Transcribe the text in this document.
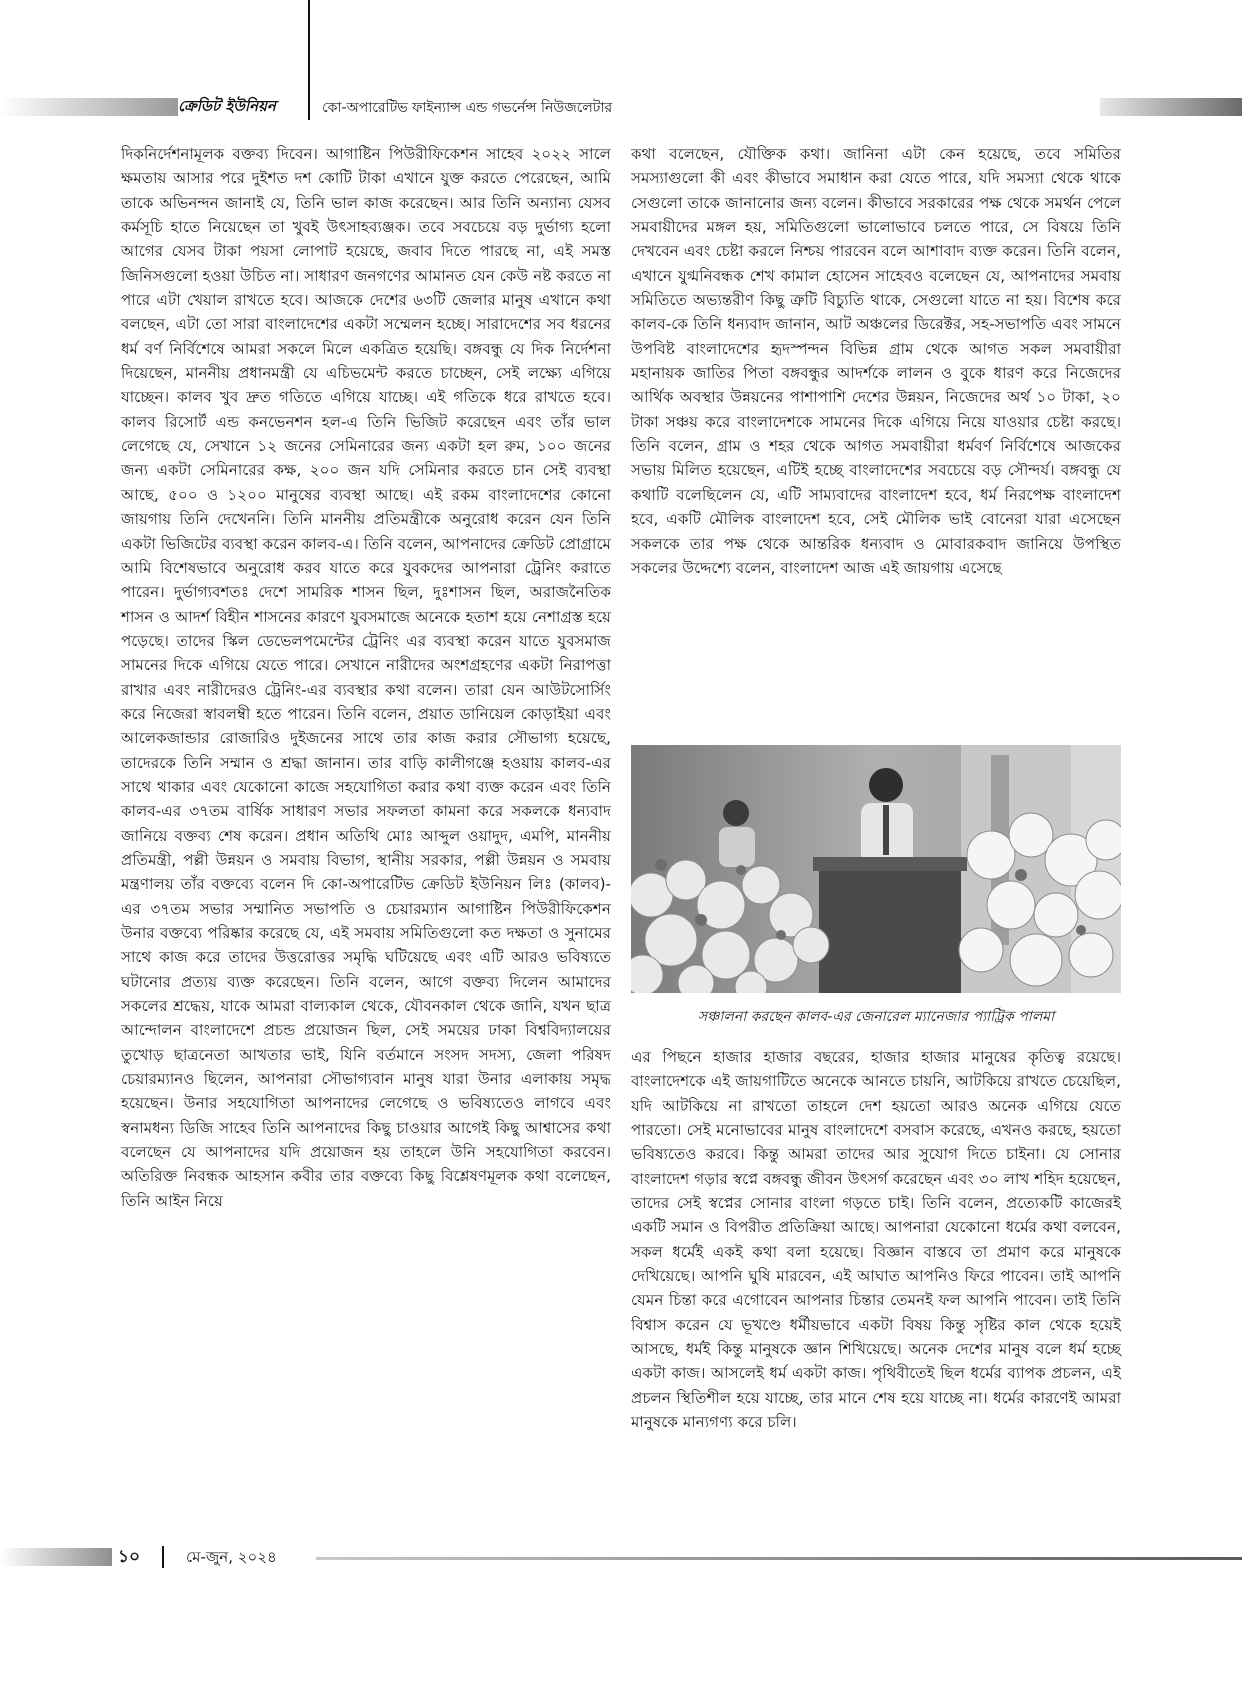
ক্রেডিট ইউনিয়ন	কো-অপারেটিভ ফাইন্যান্স এন্ড গভর্নেন্স নিউজলেটার

দিকনির্দেশনামূলক বক্তব্য দিবেন। আগাষ্টিন পিউরীফিকেশন সাহেব ২০২২ সালে ক্ষমতায় আসার পরে দুইশত দশ কোটি টাকা এখানে যুক্ত করতে পেরেছেন, আমি তাকে অভিনন্দন জানাই যে, তিনি ভাল কাজ করেছেন। আর তিনি অন্যান্য যেসব কর্মসূচি হাতে নিয়েছেন তা খুবই উৎসাহব্যঞ্জক। তবে সবচেয়ে বড় দুর্ভাগ্য হলো আগের যেসব টাকা পয়সা লোপাট হয়েছে, জবাব দিতে পারছে না, এই সমস্ত জিনিসগুলো হওয়া উচিত না। সাধারণ জনগণের আমানত যেন কেউ নষ্ট করতে না পারে এটা খেয়াল রাখতে হবে। আজকে দেশের ৬৩টি জেলার মানুষ এখানে কথা বলছেন, এটা তো সারা বাংলাদেশের একটা সম্মেলন হচ্ছে। সারাদেশের সব ধরনের ধর্ম বর্ণ নির্বিশেষে আমরা সকলে মিলে একত্রিত হয়েছি। বঙ্গবন্ধু যে দিক নির্দেশনা দিয়েছেন, মাননীয় প্রধানমন্ত্রী যে এচিভমেন্ট করতে চাচ্ছেন, সেই লক্ষ্যে এগিয়ে যাচ্ছেন। কালব খুব দ্রুত গতিতে এগিয়ে যাচ্ছে। এই গতিকে ধরে রাখতে হবে। কালব রিসোর্ট এন্ড কনভেনশন হল-এ তিনি ভিজিট করেছেন এবং তাঁর ভাল লেগেছে যে, সেখানে ১২ জনের সেমিনারের জন্য একটা হল রুম, ১০০ জনের জন্য একটা সেমিনারের কক্ষ, ২০০ জন যদি সেমিনার করতে চান সেই ব্যবস্থা আছে, ৫০০ ও ১২০০ মানুষের ব্যবস্থা আছে। এই রকম বাংলাদেশের কোনো জায়গায় তিনি দেখেননি। তিনি মাননীয় প্রতিমন্ত্রীকে অনুরোধ করেন যেন তিনি একটা ভিজিটের ব্যবস্থা করেন কালব-এ। তিনি বলেন, আপনাদের ক্রেডিট প্রোগ্রামে আমি বিশেষভাবে অনুরোধ করব যাতে করে যুবকদের আপনারা ট্রেনিং করাতে পারেন। দুর্ভাগ্যবশতঃ দেশে সামরিক শাসন ছিল, দুঃশাসন ছিল, অরাজনৈতিক শাসন ও আদর্শ বিহীন শাসনের কারণে যুবসমাজে অনেকে হতাশ হয়ে নেশাগ্রস্ত হয়ে পড়েছে। তাদের স্কিল ডেভেলপমেন্টের ট্রেনিং এর ব্যবস্থা করেন যাতে যুবসমাজ সামনের দিকে এগিয়ে যেতে পারে। সেখানে নারীদের অংশগ্রহণের একটা নিরাপত্তা রাখার এবং নারীদেরও ট্রেনিং-এর ব্যবস্থার কথা বলেন। তারা যেন আউটসোর্সিং করে নিজেরা স্বাবলম্বী হতে পারেন। তিনি বলেন, প্রয়াত ডানিয়েল কোড়াইয়া এবং আলেকজান্ডার রোজারিও দুইজনের সাথে তার কাজ করার সৌভাগ্য হয়েছে, তাদেরকে তিনি সম্মান ও শ্রদ্ধা জানান। তার বাড়ি কালীগঞ্জে হওয়ায় কালব-এর সাথে থাকার এবং যেকোনো কাজে সহযোগিতা করার কথা ব্যক্ত করেন এবং তিনি কালব-এর ৩৭তম বার্ষিক সাধারণ সভার সফলতা কামনা করে সকলকে ধন্যবাদ জানিয়ে বক্তব্য শেষ করেন। প্রধান অতিথি মোঃ আব্দুল ওয়াদুদ, এমপি, মাননীয় প্রতিমন্ত্রী, পল্লী উন্নয়ন ও সমবায় বিভাগ, স্থানীয় সরকার, পল্লী উন্নয়ন ও সমবায় মন্ত্রণালয় তাঁর বক্তব্যে বলেন দি কো-অপারেটিভ ক্রেডিট ইউনিয়ন লিঃ (কালব)-এর ৩৭তম সভার সম্মানিত সভাপতি ও চেয়ারম্যান আগাষ্টিন পিউরীফিকেশন উনার বক্তব্যে পরিষ্কার করেছে যে, এই সমবায় সমিতিগুলো কত দক্ষতা ও সুনামের সাথে কাজ করে তাদের উত্তরোত্তর সমৃদ্ধি ঘটিয়েছে এবং এটি আরও ভবিষ্যতে ঘটানোর প্রত্যয় ব্যক্ত করেছেন। তিনি বলেন, আগে বক্তব্য দিলেন আমাদের সকলের শ্রদ্ধেয়, যাকে আমরা বাল্যকাল থেকে, যৌবনকাল থেকে জানি, যখন ছাত্র আন্দোলন বাংলাদেশে প্রচন্ড প্রয়োজন ছিল, সেই সময়ের ঢাকা বিশ্ববিদ্যালয়ের তুখোড় ছাত্রনেতা আখতার ভাই, যিনি বর্তমানে সংসদ সদস্য, জেলা পরিষদ চেয়ারম্যানও ছিলেন, আপনারা সৌভাগ্যবান মানুষ যারা উনার এলাকায় সমৃদ্ধ হয়েছেন। উনার সহযোগিতা আপনাদের লেগেছে ও ভবিষ্যতেও লাগবে এবং স্বনামধন্য ডিজি সাহেব তিনি আপনাদের কিছু চাওয়ার আগেই কিছু আশ্বাসের কথা বলেছেন যে আপনাদের যদি প্রয়োজন হয় তাহলে উনি সহযোগিতা করবেন। অতিরিক্ত নিবন্ধক আহসান কবীর তার বক্তব্যে কিছু বিশ্লেষণমূলক কথা বলেছেন, তিনি আইন নিয়ে

কথা বলেছেন, যৌক্তিক কথা। জানিনা এটা কেন হয়েছে, তবে সমিতির সমস্যাগুলো কী এবং কীভাবে সমাধান করা যেতে পারে, যদি সমস্যা থেকে থাকে সেগুলো তাকে জানানোর জন্য বলেন। কীভাবে সরকারের পক্ষ থেকে সমর্থন পেলে সমবায়ীদের মঙ্গল হয়, সমিতিগুলো ভালোভাবে চলতে পারে, সে বিষয়ে তিনি দেখবেন এবং চেষ্টা করলে নিশ্চয় পারবেন বলে আশাবাদ ব্যক্ত করেন। তিনি বলেন, এখানে যুগ্মনিবন্ধক শেখ কামাল হোসেন সাহেবও বলেছেন যে, আপনাদের সমবায় সমিতিতে অভ্যন্তরীণ কিছু ত্রুটি বিচ্যুতি থাকে, সেগুলো যাতে না হয়। বিশেষ করে কালব-কে তিনি ধন্যবাদ জানান, আট অঞ্চলের ডিরেক্টর, সহ-সভাপতি এবং সামনে উপবিষ্ট বাংলাদেশের হৃদস্পন্দন বিভিন্ন গ্রাম থেকে আগত সকল সমবায়ীরা মহানায়ক জাতির পিতা বঙ্গবন্ধুর আদর্শকে লালন ও বুকে ধারণ করে নিজেদের আর্থিক অবস্থার উন্নয়নের পাশাপাশি দেশের উন্নয়ন, নিজেদের অর্থ ১০ টাকা, ২০ টাকা সঞ্চয় করে বাংলাদেশকে সামনের দিকে এগিয়ে নিয়ে যাওয়ার চেষ্টা করছে। তিনি বলেন, গ্রাম ও শহর থেকে আগত সমবায়ীরা ধর্মবর্ণ নির্বিশেষে আজকের সভায় মিলিত হয়েছেন, এটিই হচ্ছে বাংলাদেশের সবচেয়ে বড় সৌন্দর্য। বঙ্গবন্ধু যে কথাটি বলেছিলেন যে, এটি সাম্যবাদের বাংলাদেশ হবে, ধর্ম নিরপেক্ষ বাংলাদেশ হবে, একটি মৌলিক বাংলাদেশ হবে, সেই মৌলিক ভাই বোনেরা যারা এসেছেন সকলকে তার পক্ষ থেকে আন্তরিক ধন্যবাদ ও মোবারকবাদ জানিয়ে উপস্থিত সকলের উদ্দেশ্যে বলেন, বাংলাদেশ আজ এই জায়গায় এসেছে

সঞ্চালনা করছেন কালব-এর জেনারেল ম্যানেজার প্যাট্রিক পালমা

এর পিছনে হাজার হাজার বছরের, হাজার হাজার মানুষের কৃতিত্ব রয়েছে। বাংলাদেশকে এই জায়গাটিতে অনেকে আনতে চায়নি, আটকিয়ে রাখতে চেয়েছিল, যদি আটকিয়ে না রাখতো তাহলে দেশ হয়তো আরও অনেক এগিয়ে যেতে পারতো। সেই মনোভাবের মানুষ বাংলাদেশে বসবাস করেছে, এখনও করছে, হয়তো ভবিষ্যতেও করবে। কিন্তু আমরা তাদের আর সুযোগ দিতে চাইনা। যে সোনার বাংলাদেশ গড়ার স্বপ্নে বঙ্গবন্ধু জীবন উৎসর্গ করেছেন এবং ৩০ লাখ শহিদ হয়েছেন, তাদের সেই স্বপ্নের সোনার বাংলা গড়তে চাই। তিনি বলেন, প্রত্যেকটি কাজেরই একটি সমান ও বিপরীত প্রতিক্রিয়া আছে। আপনারা যেকোনো ধর্মের কথা বলবেন, সকল ধর্মেই একই কথা বলা হয়েছে। বিজ্ঞান বাস্তবে তা প্রমাণ করে মানুষকে দেখিয়েছে। আপনি ঘুষি মারবেন, এই আঘাত আপনিও ফিরে পাবেন। তাই আপনি যেমন চিন্তা করে এগোবেন আপনার চিন্তার তেমনই ফল আপনি পাবেন। তাই তিনি বিশ্বাস করেন যে ভূখণ্ডে ধর্মীয়ভাবে একটা বিষয় কিন্তু সৃষ্টির কাল থেকে হয়েই আসছে, ধর্মই কিন্তু মানুষকে জ্ঞান শিখিয়েছে। অনেক দেশের মানুষ বলে ধর্ম হচ্ছে একটা কাজ। আসলেই ধর্ম একটা কাজ। পৃথিবীতেই ছিল ধর্মের ব্যাপক প্রচলন, এই প্রচলন স্থিতিশীল হয়ে যাচ্ছে, তার মানে শেষ হয়ে যাচ্ছে না। ধর্মের কারণেই আমরা মানুষকে মান্যগণ্য করে চলি।

১০	মে-জুন, ২০২৪
